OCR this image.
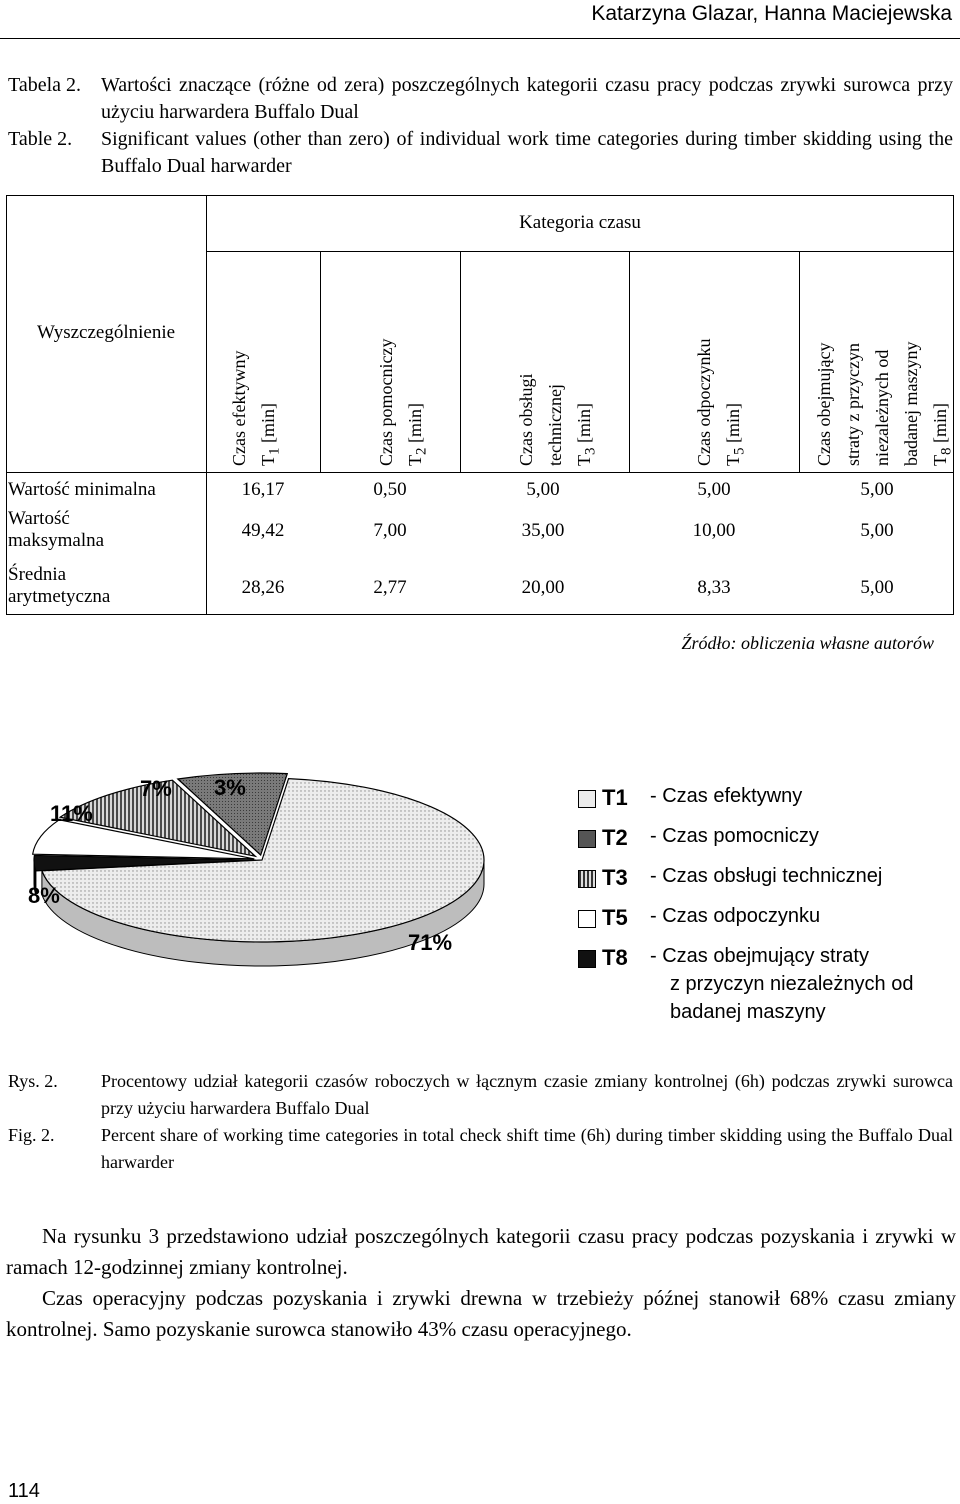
Katarzyna Glazar, Hanna Maciejewska
Tabela 2. Wartości znaczące (różne od zera) poszczególnych kategorii czasu pracy podczas zrywki surowca przy użyciu harwardera Buffalo Dual
Table 2. Significant values (other than zero) of individual work time categories during timber skidding using the Buffalo Dual harwarder
Kategoria czasu
Wyszczególnienie
Czas efektywny $T_1$ [min]	Czas pomocniczy $T_2$ [min]	Czas obsługi technicznej $T_3$ [min]	Czas odpoczynku $T_5$ [min]	Czas obejmujący straty z przyczyn niezależnych od badanej maszyny $T_8$ [min]
Wartość minimalna	16,17	0,50	5,00	5,00	5,00
Wartość maksymalna	49,42	7,00	35,00	10,00	5,00
Średnia arytmetyczna	28,26	2,77	20,00	8,33	5,00
Źródło: obliczenia własne autorów
71%
8%
11%
7% 3%	T1 - Czas efektywny
T2 - Czas pomocniczy
T3 - Czas obsługi technicznej
T5 - Czas odpoczynku
T8 - Czas obejmujący straty
z przyczyn niezależnych od
badanej maszyny
Rys. 2. Procentowy udział kategorii czasów roboczych w łącznym czasie zmiany kontrolnej (6h) podczas zrywki surowca przy użyciu harwardera Buffalo Dual
Fig. 2.	Percent share of working time categories in total check shift time (6h) during timber skidding using the Buffalo Dual harwarder
Na rysunku 3 przedstawiono udział poszczególnych kategorii czasu pracy podczas pozyskania i zrywki w ramach 12-godzinnej zmiany kontrolnej.
Czas operacyjny podczas pozyskania i zrywki drewna w trzebieży późnej stanowił 68% czasu zmiany kontrolnej. Samo pozyskanie surowca stanowiło 43% czasu operacyjnego.
114
